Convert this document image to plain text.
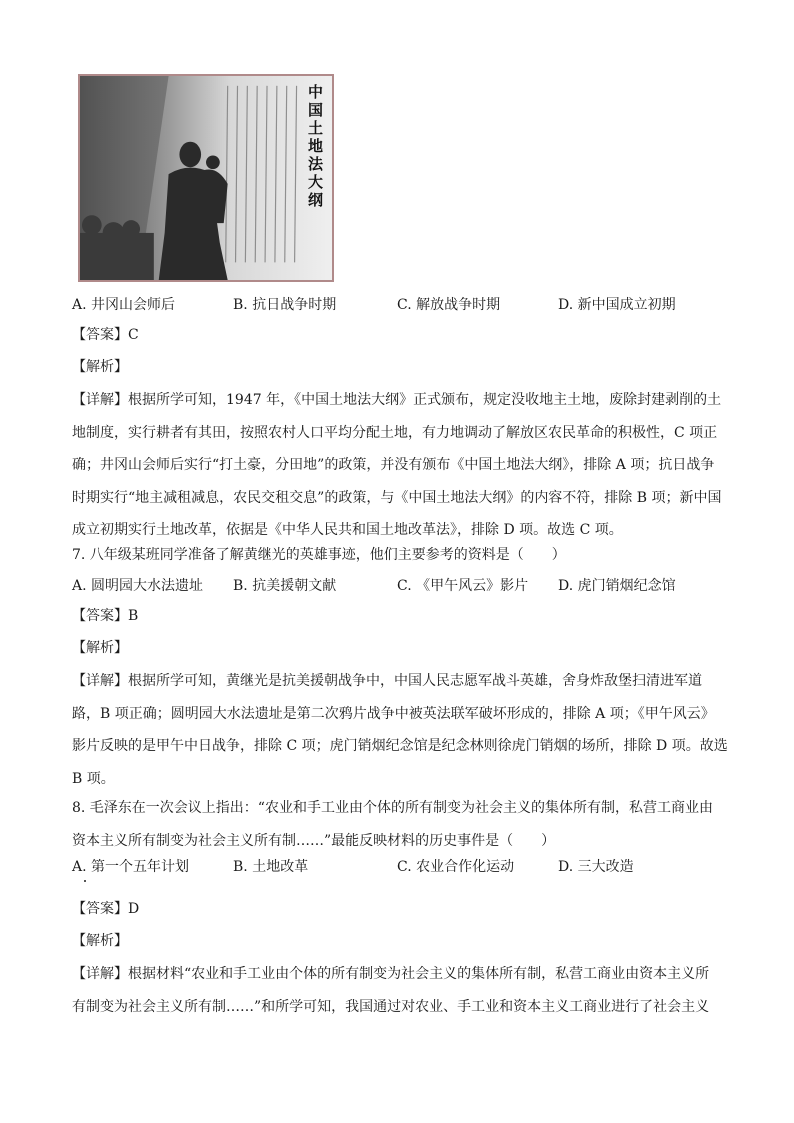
中国土地法大纲
A. 井冈山会师后	B. 抗日战争时期	C. 解放战争时期	D. 新中国成立初期
【答案】C
【解析】
【详解】根据所学可知，1947 年，《中国土地法大纲》正式颁布，规定没收地主土地，废除封建剥削的土
地制度，实行耕者有其田，按照农村人口平均分配土地，有力地调动了解放区农民革命的积极性，C 项正
确；井冈山会师后实行“打土豪，分田地”的政策，并没有颁布《中国土地法大纲》，排除 A 项；抗日战争
时期实行“地主减租减息，农民交租交息”的政策，与《中国土地法大纲》的内容不符，排除 B 项；新中国
成立初期实行土地改革，依据是《中华人民共和国土地改革法》，排除 D 项。故选 C 项。
7. 八年级某班同学准备了解黄继光的英雄事迹，他们主要参考的资料是（　　）
A. 圆明园大水法遗址 B. 抗美援朝文献	C. 《甲午风云》影片 D. 虎门销烟纪念馆
【答案】B
【解析】
【详解】根据所学可知，黄继光是抗美援朝战争中，中国人民志愿军战斗英雄，舍身炸敌堡扫清进军道
路，B 项正确；圆明园大水法遗址是第二次鸦片战争中被英法联军破坏形成的，排除 A 项；《甲午风云》
影片反映的是甲午中日战争，排除 C 项；虎门销烟纪念馆是纪念林则徐虎门销烟的场所，排除 D 项。故选
B 项。
8. 毛泽东在一次会议上指出：“农业和手工业由个体的所有制变为社会主义的集体所有制，私营工商业由
资本主义所有制变为社会主义所有制……”最能反映材料的历史事件是（　　）
A. 第一个五年计划	B. 土地改革	C. 农业合作化运动	D. 三大改造
【答案】D
【解析】
【详解】根据材料“农业和手工业由个体的所有制变为社会主义的集体所有制，私营工商业由资本主义所
有制变为社会主义所有制……”和所学可知，我国通过对农业、手工业和资本主义工商业进行了社会主义
